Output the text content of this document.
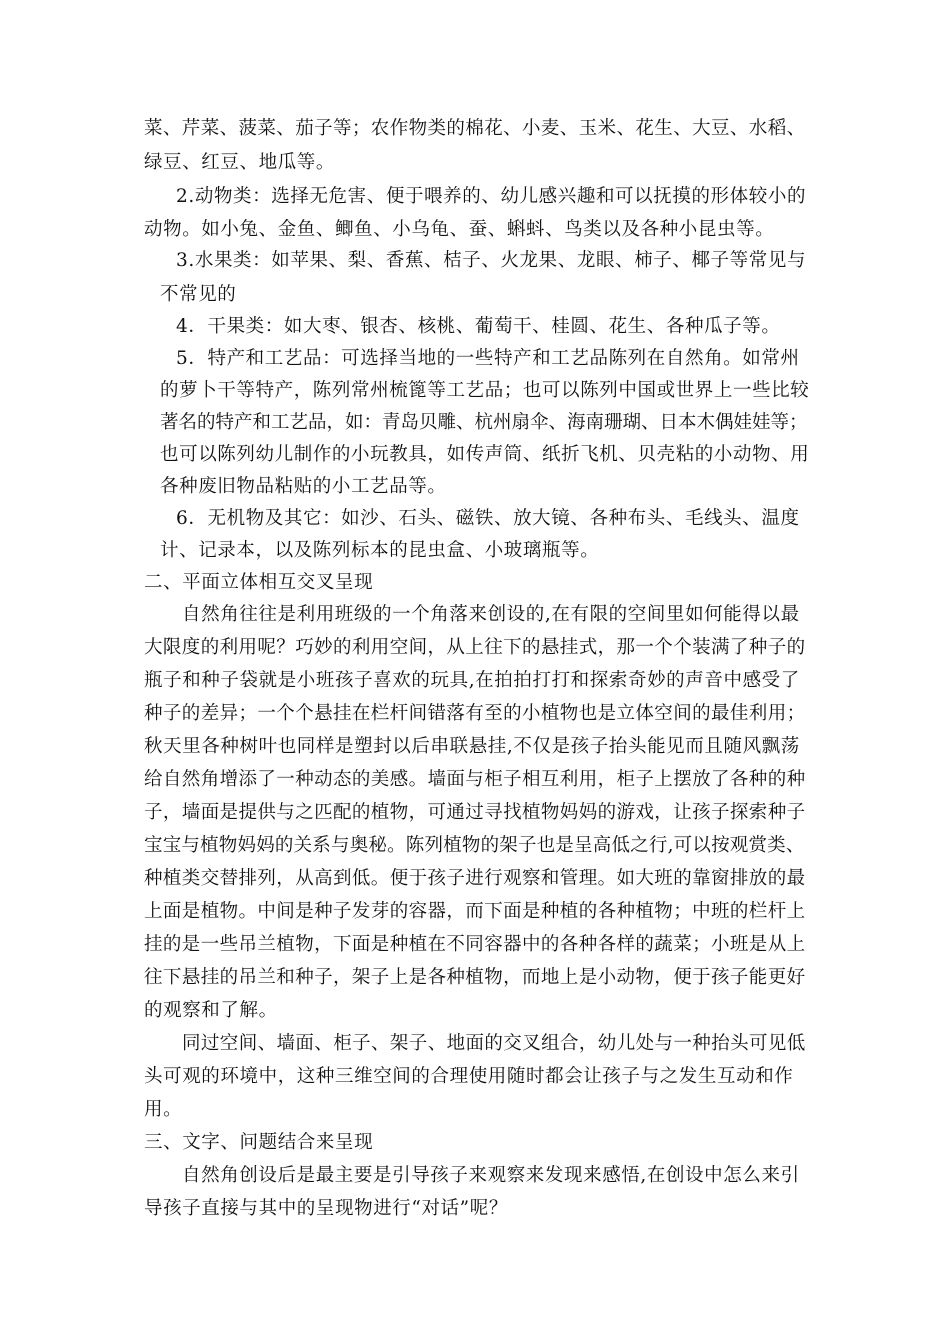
菜、芹菜、菠菜、茄子等；农作物类的棉花、小麦、玉米、花生、大豆、水稻、
绿豆、红豆、地瓜等。
2.动物类：选择无危害、便于喂养的、幼儿感兴趣和可以抚摸的形体较小的
动物。如小兔、金鱼、鲫鱼、小乌龟、蚕、蝌蚪、鸟类以及各种小昆虫等。
3.水果类：如苹果、梨、香蕉、桔子、火龙果、龙眼、柿子、椰子等常见与
不常见的
4．干果类：如大枣、银杏、核桃、葡萄干、桂圆、花生、各种瓜子等。
5．特产和工艺品：可选择当地的一些特产和工艺品陈列在自然角。如常州
的萝卜干等特产，陈列常州梳篦等工艺品；也可以陈列中国或世界上一些比较
著名的特产和工艺品，如：青岛贝雕、杭州扇伞、海南珊瑚、日本木偶娃娃等；
也可以陈列幼儿制作的小玩教具，如传声筒、纸折飞机、贝壳粘的小动物、用
各种废旧物品粘贴的小工艺品等。
6．无机物及其它：如沙、石头、磁铁、放大镜、各种布头、毛线头、温度
计、记录本，以及陈列标本的昆虫盒、小玻璃瓶等。
二、平面立体相互交叉呈现
自然角往往是利用班级的一个角落来创设的,在有限的空间里如何能得以最
大限度的利用呢？巧妙的利用空间，从上往下的悬挂式，那一个个装满了种子的
瓶子和种子袋就是小班孩子喜欢的玩具,在拍拍打打和探索奇妙的声音中感受了
种子的差异；一个个悬挂在栏杆间错落有至的小植物也是立体空间的最佳利用；
秋天里各种树叶也同样是塑封以后串联悬挂,不仅是孩子抬头能见而且随风飘荡
给自然角增添了一种动态的美感。墙面与柜子相互利用，柜子上摆放了各种的种
子，墙面是提供与之匹配的植物，可通过寻找植物妈妈的游戏，让孩子探索种子
宝宝与植物妈妈的关系与奥秘。陈列植物的架子也是呈高低之行,可以按观赏类、
种植类交替排列，从高到低。便于孩子进行观察和管理。如大班的靠窗排放的最
上面是植物。中间是种子发芽的容器，而下面是种植的各种植物；中班的栏杆上
挂的是一些吊兰植物，下面是种植在不同容器中的各种各样的蔬菜；小班是从上
往下悬挂的吊兰和种子，架子上是各种植物，而地上是小动物，便于孩子能更好
的观察和了解。
同过空间、墙面、柜子、架子、地面的交叉组合，幼儿处与一种抬头可见低
头可观的环境中，这种三维空间的合理使用随时都会让孩子与之发生互动和作
用。
三、文字、问题结合来呈现
自然角创设后是最主要是引导孩子来观察来发现来感悟,在创设中怎么来引
导孩子直接与其中的呈现物进行“对话”呢？
